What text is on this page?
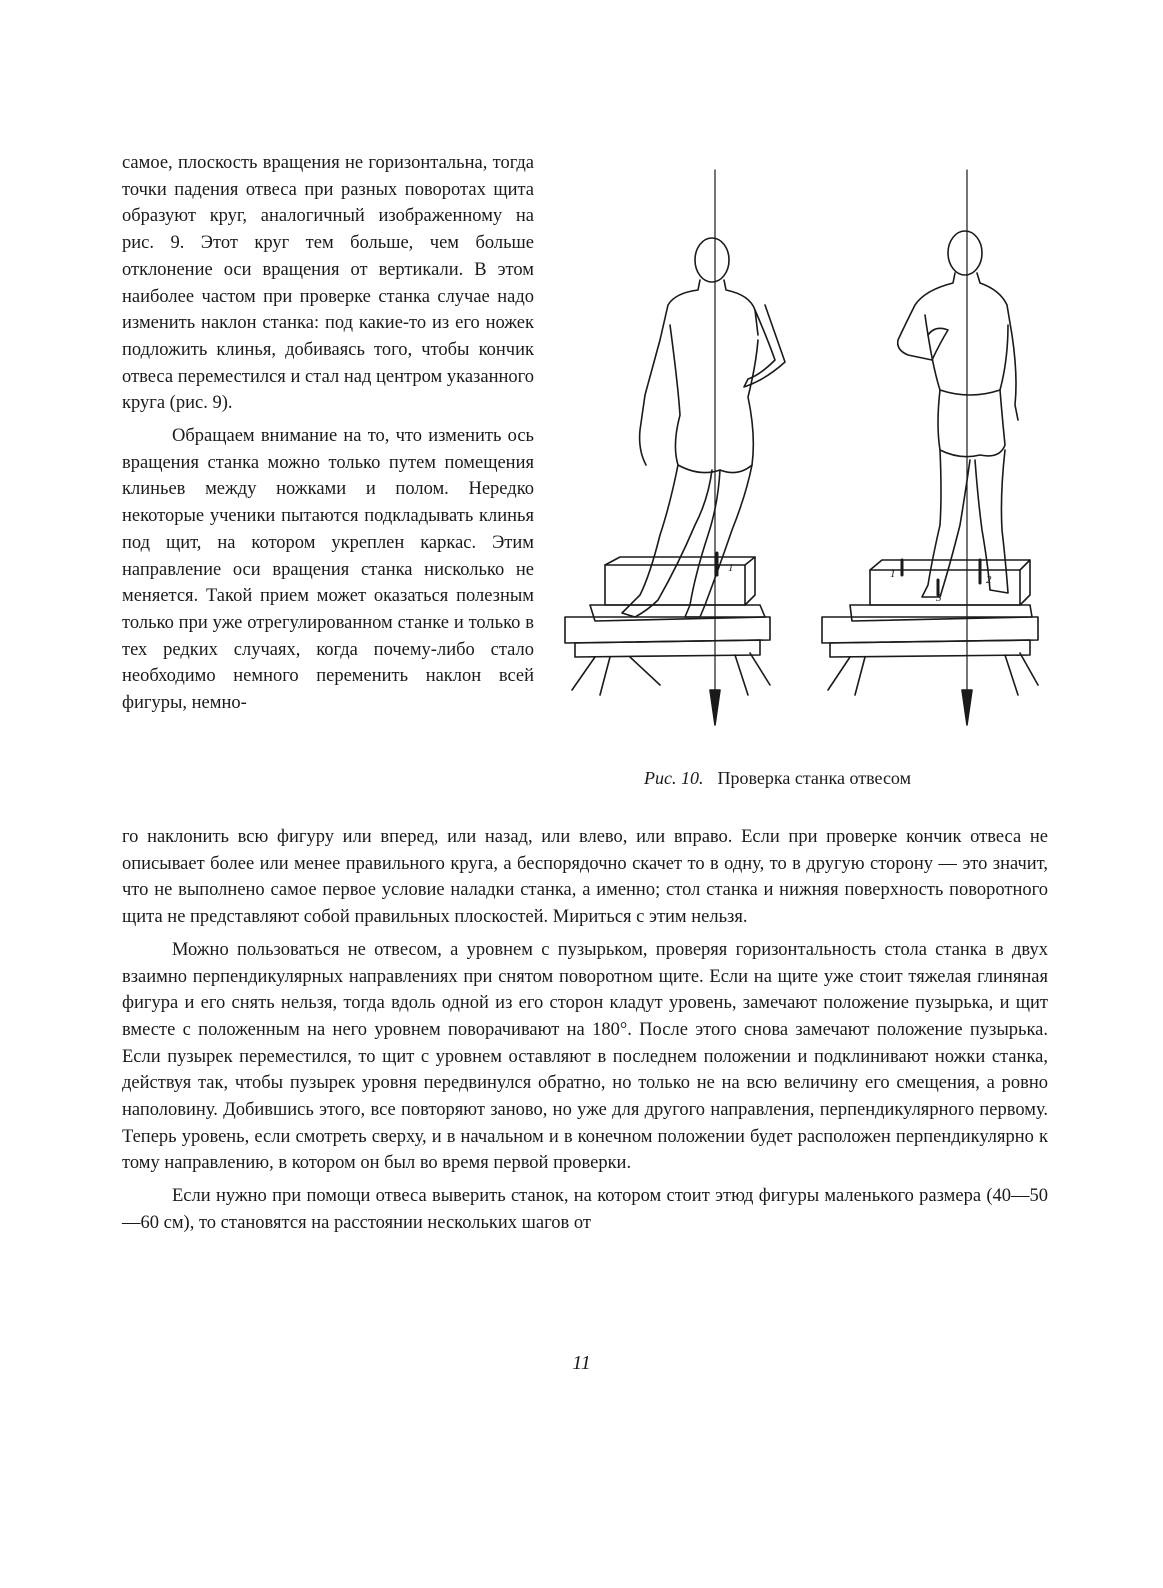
самое, плоскость вращения не горизонтальна, тогда точки падения отвеса при разных поворотах щита образуют круг, аналогичный изображенному на рис. 9. Этот круг тем больше, чем больше отклонение оси вращения от вертикали. В этом наиболее частом при проверке станка случае надо изменить наклон станка: под какие-то из его ножек подложить клинья, добиваясь того, чтобы кончик отвеса переместился и стал над центром указанного круга (рис. 9).

Обращаем внимание на то, что изменить ось вращения станка можно только путем помещения клиньев между ножками и полом. Нередко некоторые ученики пытаются подкладывать клинья под щит, на котором укреплен каркас. Этим направление оси вращения станка нисколько не меняется. Такой прием может оказаться полезным только при уже отрегулированном станке и только в тех редких случаях, когда почему-либо стало необходимо немного переменить наклон всей фигуры, немно-

1	1	2
3
Рис. 10. Проверка станка отвесом

го наклонить всю фигуру или вперед, или назад, или влево, или вправо. Если при проверке кончик отвеса не описывает более или менее правильного круга, а беспорядочно скачет то в одну, то в другую сторону — это значит, что не выполнено самое первое условие наладки станка, а именно; стол станка и нижняя поверхность поворотного щита не представляют собой правильных плоскостей. Мириться с этим нельзя.

Можно пользоваться не отвесом, а уровнем с пузырьком, проверяя горизонтальность стола станка в двух взаимно перпендикулярных направлениях при снятом поворотном щите. Если на щите уже стоит тяжелая глиняная фигура и его снять нельзя, тогда вдоль одной из его сторон кладут уровень, замечают положение пузырька, и щит вместе с положенным на него уровнем поворачивают на 180°. После этого снова замечают положение пузырька. Если пузырек переместился, то щит с уровнем оставляют в последнем положении и подклинивают ножки станка, действуя так, чтобы пузырек уровня передвинулся обратно, но только не на всю величину его смещения, а ровно наполовину. Добившись этого, все повторяют заново, но уже для другого направления, перпендикулярного первому. Теперь уровень, если смотреть сверху, и в начальном и в конечном положении будет расположен перпендикулярно к тому направлению, в котором он был во время первой проверки.

Если нужно при помощи отвеса выверить станок, на котором стоит этюд фигуры маленького размера (40—50—60 см), то становятся на расстоянии нескольких шагов от

11
